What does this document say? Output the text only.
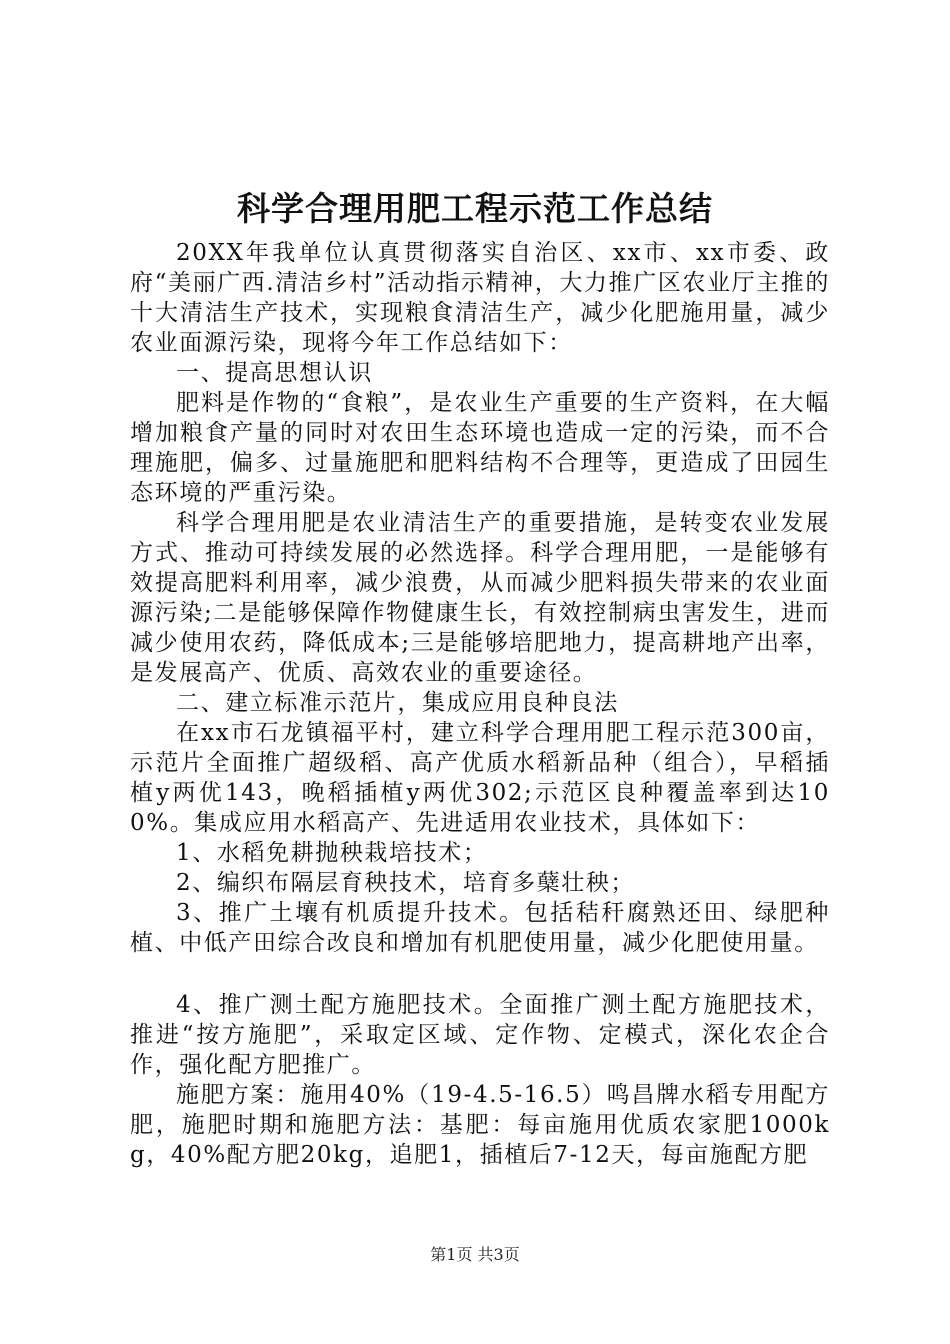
科学合理用肥工程示范工作总结

20XX年我单位认真贯彻落实自治区、xx市、xx市委、政府“美丽广西.清洁乡村”活动指示精神，大力推广区农业厅主推的十大清洁生产技术，实现粮食清洁生产，减少化肥施用量，减少农业面源污染，现将今年工作总结如下：

一、提高思想认识

肥料是作物的“食粮”，是农业生产重要的生产资料，在大幅增加粮食产量的同时对农田生态环境也造成一定的污染，而不合理施肥，偏多、过量施肥和肥料结构不合理等，更造成了田园生态环境的严重污染。

科学合理用肥是农业清洁生产的重要措施，是转变农业发展方式、推动可持续发展的必然选择。科学合理用肥，一是能够有效提高肥料利用率，减少浪费，从而减少肥料损失带来的农业面源污染;二是能够保障作物健康生长，有效控制病虫害发生，进而减少使用农药，降低成本;三是能够培肥地力，提高耕地产出率，是发展高产、优质、高效农业的重要途径。

二、建立标准示范片，集成应用良种良法

在xx市石龙镇福平村，建立科学合理用肥工程示范300亩，示范片全面推广超级稻、高产优质水稻新品种（组合），早稻插植y两优143，晚稻插植y两优302;示范区良种覆盖率到达100%。集成应用水稻高产、先进适用农业技术，具体如下：

1、水稻免耕抛秧栽培技术；

2、编织布隔层育秧技术，培育多蘖壮秧；

3、推广土壤有机质提升技术。包括秸秆腐熟还田、绿肥种植、中低产田综合改良和增加有机肥使用量，减少化肥使用量。

4、推广测土配方施肥技术。全面推广测土配方施肥技术，推进“按方施肥”，采取定区域、定作物、定模式，深化农企合作，强化配方肥推广。

施肥方案：施用40%（19-4.5-16.5）鸣昌牌水稻专用配方肥，施肥时期和施肥方法：基肥：每亩施用优质农家肥1000kg，40%配方肥20kg，追肥1，插植后7-12天，每亩施配方肥

第1页 共3页
